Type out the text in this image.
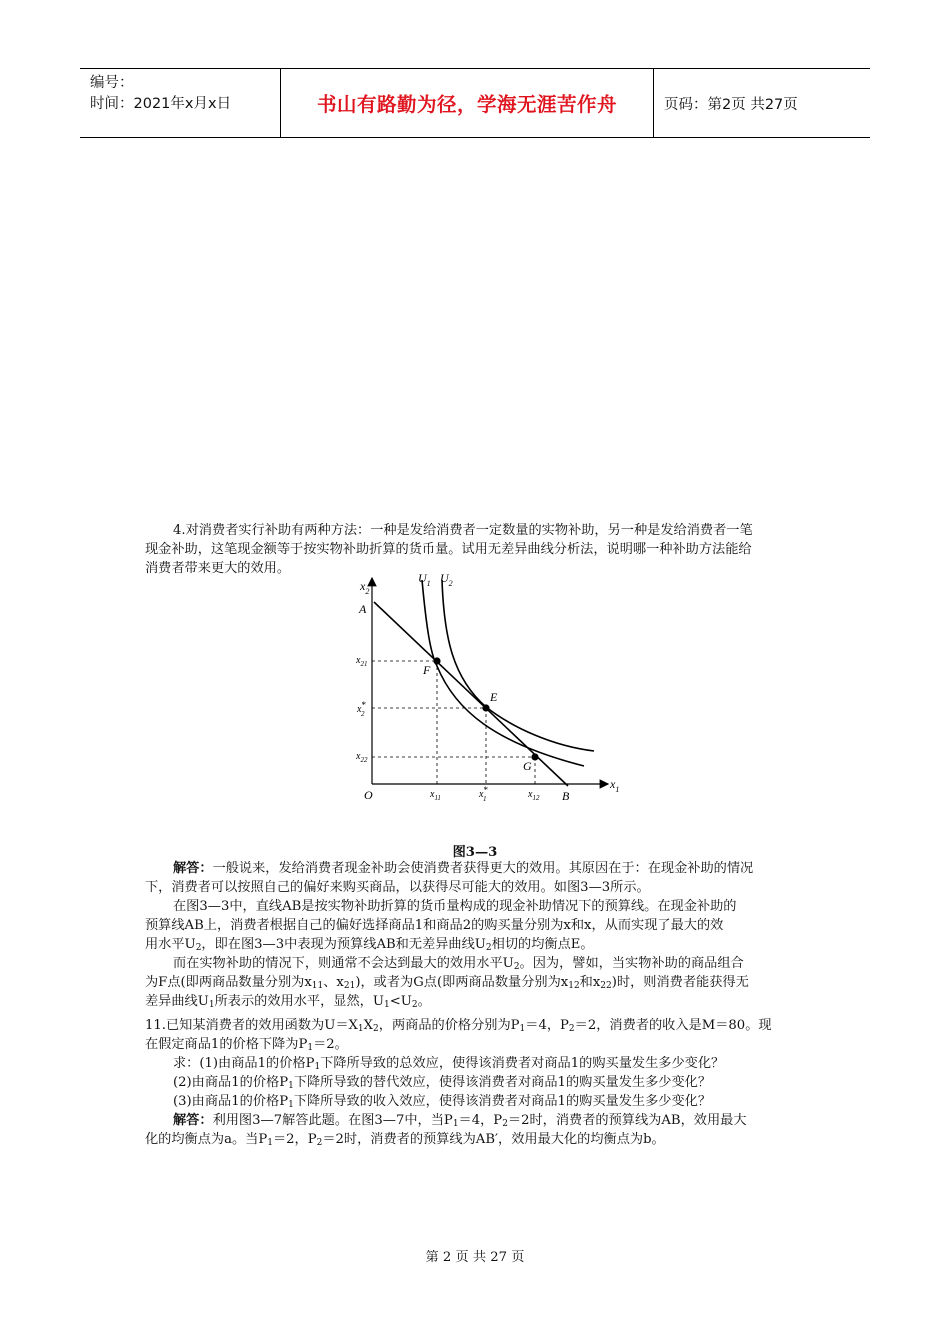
编号：
时间：2021年x月x日	书山有路勤为径，学海无涯苦作舟	页码：第2页 共27页

4.对消费者实行补助有两种方法：一种是发给消费者一定数量的实物补助，另一种是发给消费者一笔

现金补助，这笔现金额等于按实物补助折算的货币量。试用无差异曲线分析法，说明哪一种补助方法能给

消费者带来更大的效用。

$x_2$
$x_1$
A
B
O
E
F
G
$U_1$ $U_2$
$x_{21}$
x* 2
$x_{22}$
$x_{11}$	x* 1	$x_{12}$
图3—3

解答：一般说来，发给消费者现金补助会使消费者获得更大的效用。其原因在于：在现金补助的情况

下，消费者可以按照自己的偏好来购买商品，以获得尽可能大的效用。如图3—3所示。

在图3—3中，直线AB是按实物补助折算的货币量构成的现金补助情况下的预算线。在现金补助的

预算线AB上，消费者根据自己的偏好选择商品1和商品2的购买量分别为x和x，从而实现了最大的效

用水平$U_2$，即在图3—3中表现为预算线AB和无差异曲线$U_2$相切的均衡点E。

而在实物补助的情况下，则通常不会达到最大的效用水平$U_2$。因为，譬如，当实物补助的商品组合

为F点(即两商品数量分别为$x_{11}$、$x_{21}$)，或者为G点(即两商品数量分别为$x_{12}$和$x_{22}$)时，则消费者能获得无

差异曲线$U_1$所表示的效用水平，显然，$U_1<U_2$。

11.已知某消费者的效用函数为$U=X_1X_2$，两商品的价格分别为$P_1=4$，$P_2=2$，消费者的收入是M＝80。现

在假定商品1的价格下降为$P_1=2$。

求：(1)由商品1的价格$P_1$下降所导致的总效应，使得该消费者对商品1的购买量发生多少变化？

(2)由商品1的价格$P_1$下降所导致的替代效应，使得该消费者对商品1的购买量发生多少变化？

(3)由商品1的价格$P_1$下降所导致的收入效应，使得该消费者对商品1的购买量发生多少变化？

解答：利用图3—7解答此题。在图3—7中，当$P_1=4$，$P_2=2$时，消费者的预算线为AB，效用最大

化的均衡点为a。当$P_1=2$，$P_2=2$时，消费者的预算线为AB′，效用最大化的均衡点为b。

第 2 页 共 27 页
